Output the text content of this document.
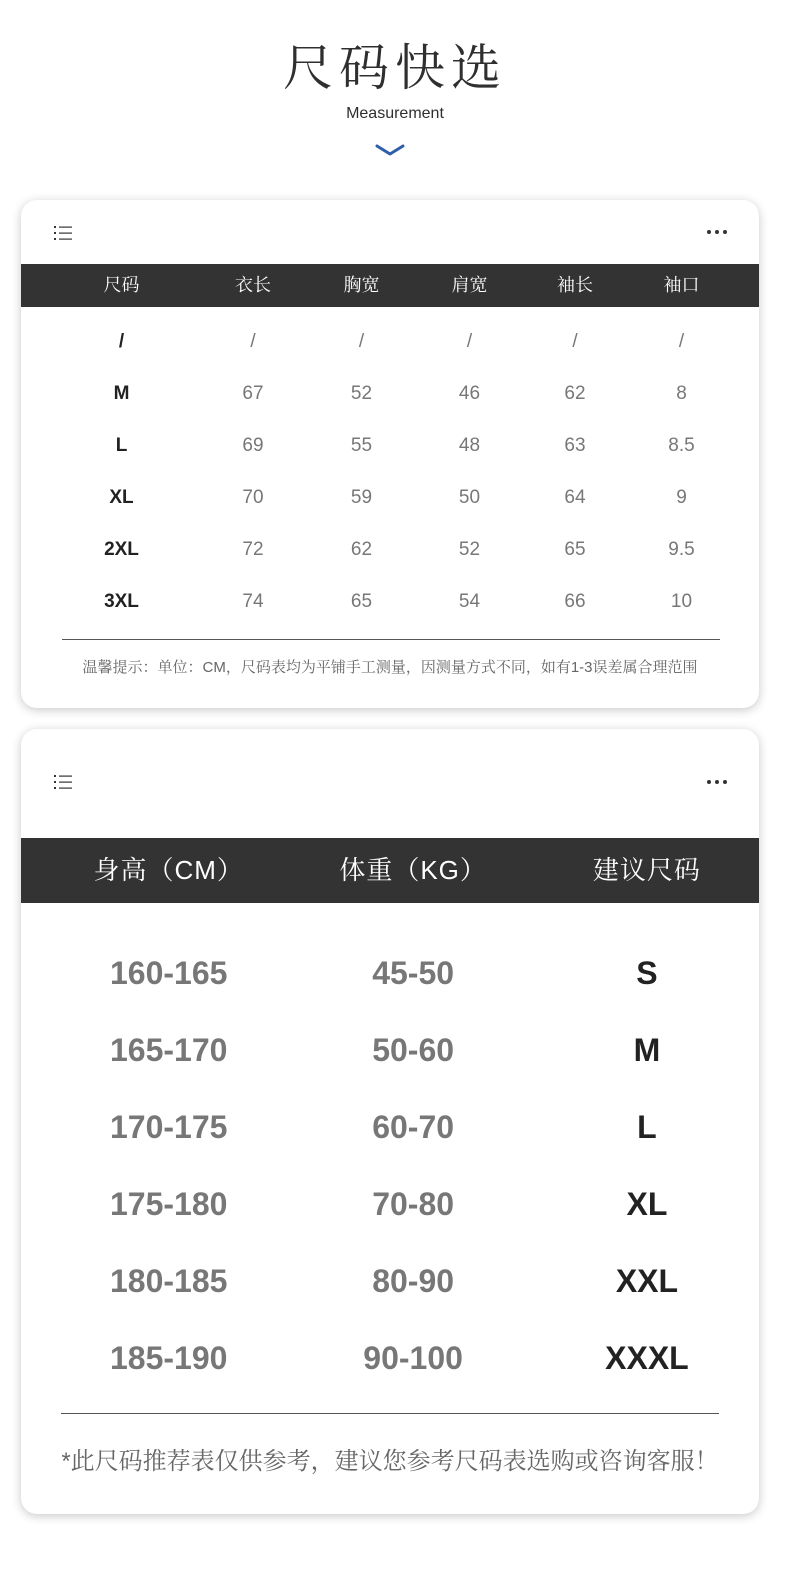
尺码快选
Measurement
尺码	衣长	胸宽	肩宽	袖长	袖口
/	/	/	/	/	/
M	67	52	46	62	8
L	69	55	48	63	8.5
XL	70	59	50	64	9
2XL	72	62	52	65	9.5
3XL	74	65	54	66	10
温馨提示：单位：CM，尺码表均为平铺手工测量，因测量方式不同，如有1-3误差属合理范围
身高（CM）	体重（KG）	建议尺码
160-165	45-50	S
165-170	50-60	M
170-175	60-70	L
175-180	70-80	XL
180-185	80-90	XXL
185-190	90-100	XXXL
*此尺码推荐表仅供参考，建议您参考尺码表选购或咨询客服！
